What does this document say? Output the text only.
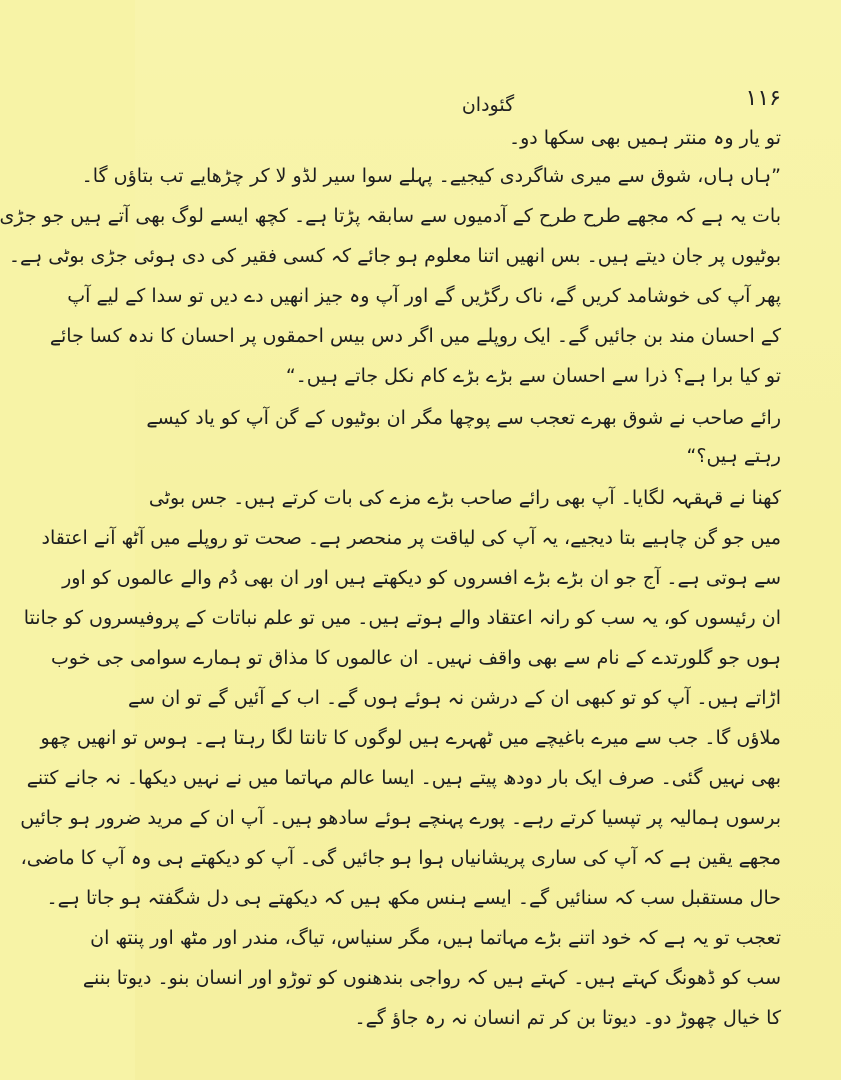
۱۱۶
گئودان
تو یار وہ منتر ہمیں بھی سکھا دو۔
”ہاں ہاں، شوق سے میری شاگردی کیجیے۔ پہلے سوا سیر لڈو لا کر چڑھایے تب بتاؤں گا۔
بات یہ ہے کہ مجھے طرح طرح کے آدمیوں سے سابقہ پڑتا ہے۔ کچھ ایسے لوگ بھی آتے ہیں جو جڑی
بوٹیوں پر جان دیتے ہیں۔ بس انھیں اتنا معلوم ہو جائے کہ کسی فقیر کی دی ہوئی جڑی بوٹی ہے۔
پھر آپ کی خوشامد کریں گے، ناک رگڑیں گے اور آپ وہ جیز انھیں دے دیں تو سدا کے لیے آپ
کے احسان مند بن جائیں گے۔ ایک روپلے میں اگر دس بیس احمقوں پر احسان کا ندہ کسا جائے
تو کیا برا ہے؟ ذرا سے احسان سے بڑے بڑے کام نکل جاتے ہیں۔“
رائے صاحب نے شوق بھرے تعجب سے پوچھا مگر ان بوٹیوں کے گن آپ کو یاد کیسے
رہتے ہیں؟“
کھنا نے قہقہہ لگایا۔ آپ بھی رائے صاحب بڑے مزے کی بات کرتے ہیں۔ جس بوٹی
میں جو گن چاہیے بتا دیجیے، یہ آپ کی لیاقت پر منحصر ہے۔ صحت تو روپلے میں آٹھ آنے اعتقاد
سے ہوتی ہے۔ آج جو ان بڑے بڑے افسروں کو دیکھتے ہیں اور ان بھی دُم والے عالموں کو اور
ان رئیسوں کو، یہ سب کو رانہ اعتقاد والے ہوتے ہیں۔ میں تو علم نباتات کے پروفیسروں کو جانتا
ہوں جو گلورتدے کے نام سے بھی واقف نہیں۔ ان عالموں کا مذاق تو ہمارے سوامی جی خوب
اڑاتے ہیں۔ آپ کو تو کبھی ان کے درشن نہ ہوئے ہوں گے۔ اب کے آئیں گے تو ان سے
ملاؤں گا۔ جب سے میرے باغیچے میں ٹھہرے ہیں لوگوں کا تانتا لگا رہتا ہے۔ ہوس تو انھیں چھو
بھی نہیں گئی۔ صرف ایک بار دودھ پیتے ہیں۔ ایسا عالم مہاتما میں نے نہیں دیکھا۔ نہ جانے کتنے
برسوں ہمالیہ پر تپسیا کرتے رہے۔ پورے پہنچے ہوئے سادھو ہیں۔ آپ ان کے مرید ضرور ہو جائیں
مجھے یقین ہے کہ آپ کی ساری پریشانیاں ہوا ہو جائیں گی۔ آپ کو دیکھتے ہی وہ آپ کا ماضی،
حال مستقبل سب کہ سنائیں گے۔ ایسے ہنس مکھ ہیں کہ دیکھتے ہی دل شگفتہ ہو جاتا ہے۔
تعجب تو یہ ہے کہ خود اتنے بڑے مہاتما ہیں، مگر سنیاس، تیاگ، مندر اور مٹھ اور پنتھ ان
سب کو ڈھونگ کہتے ہیں۔ کہتے ہیں کہ رواجی بندھنوں کو توڑو اور انسان بنو۔ دیوتا بننے
کا خیال چھوڑ دو۔ دیوتا بن کر تم انسان نہ رہ جاؤ گے۔
